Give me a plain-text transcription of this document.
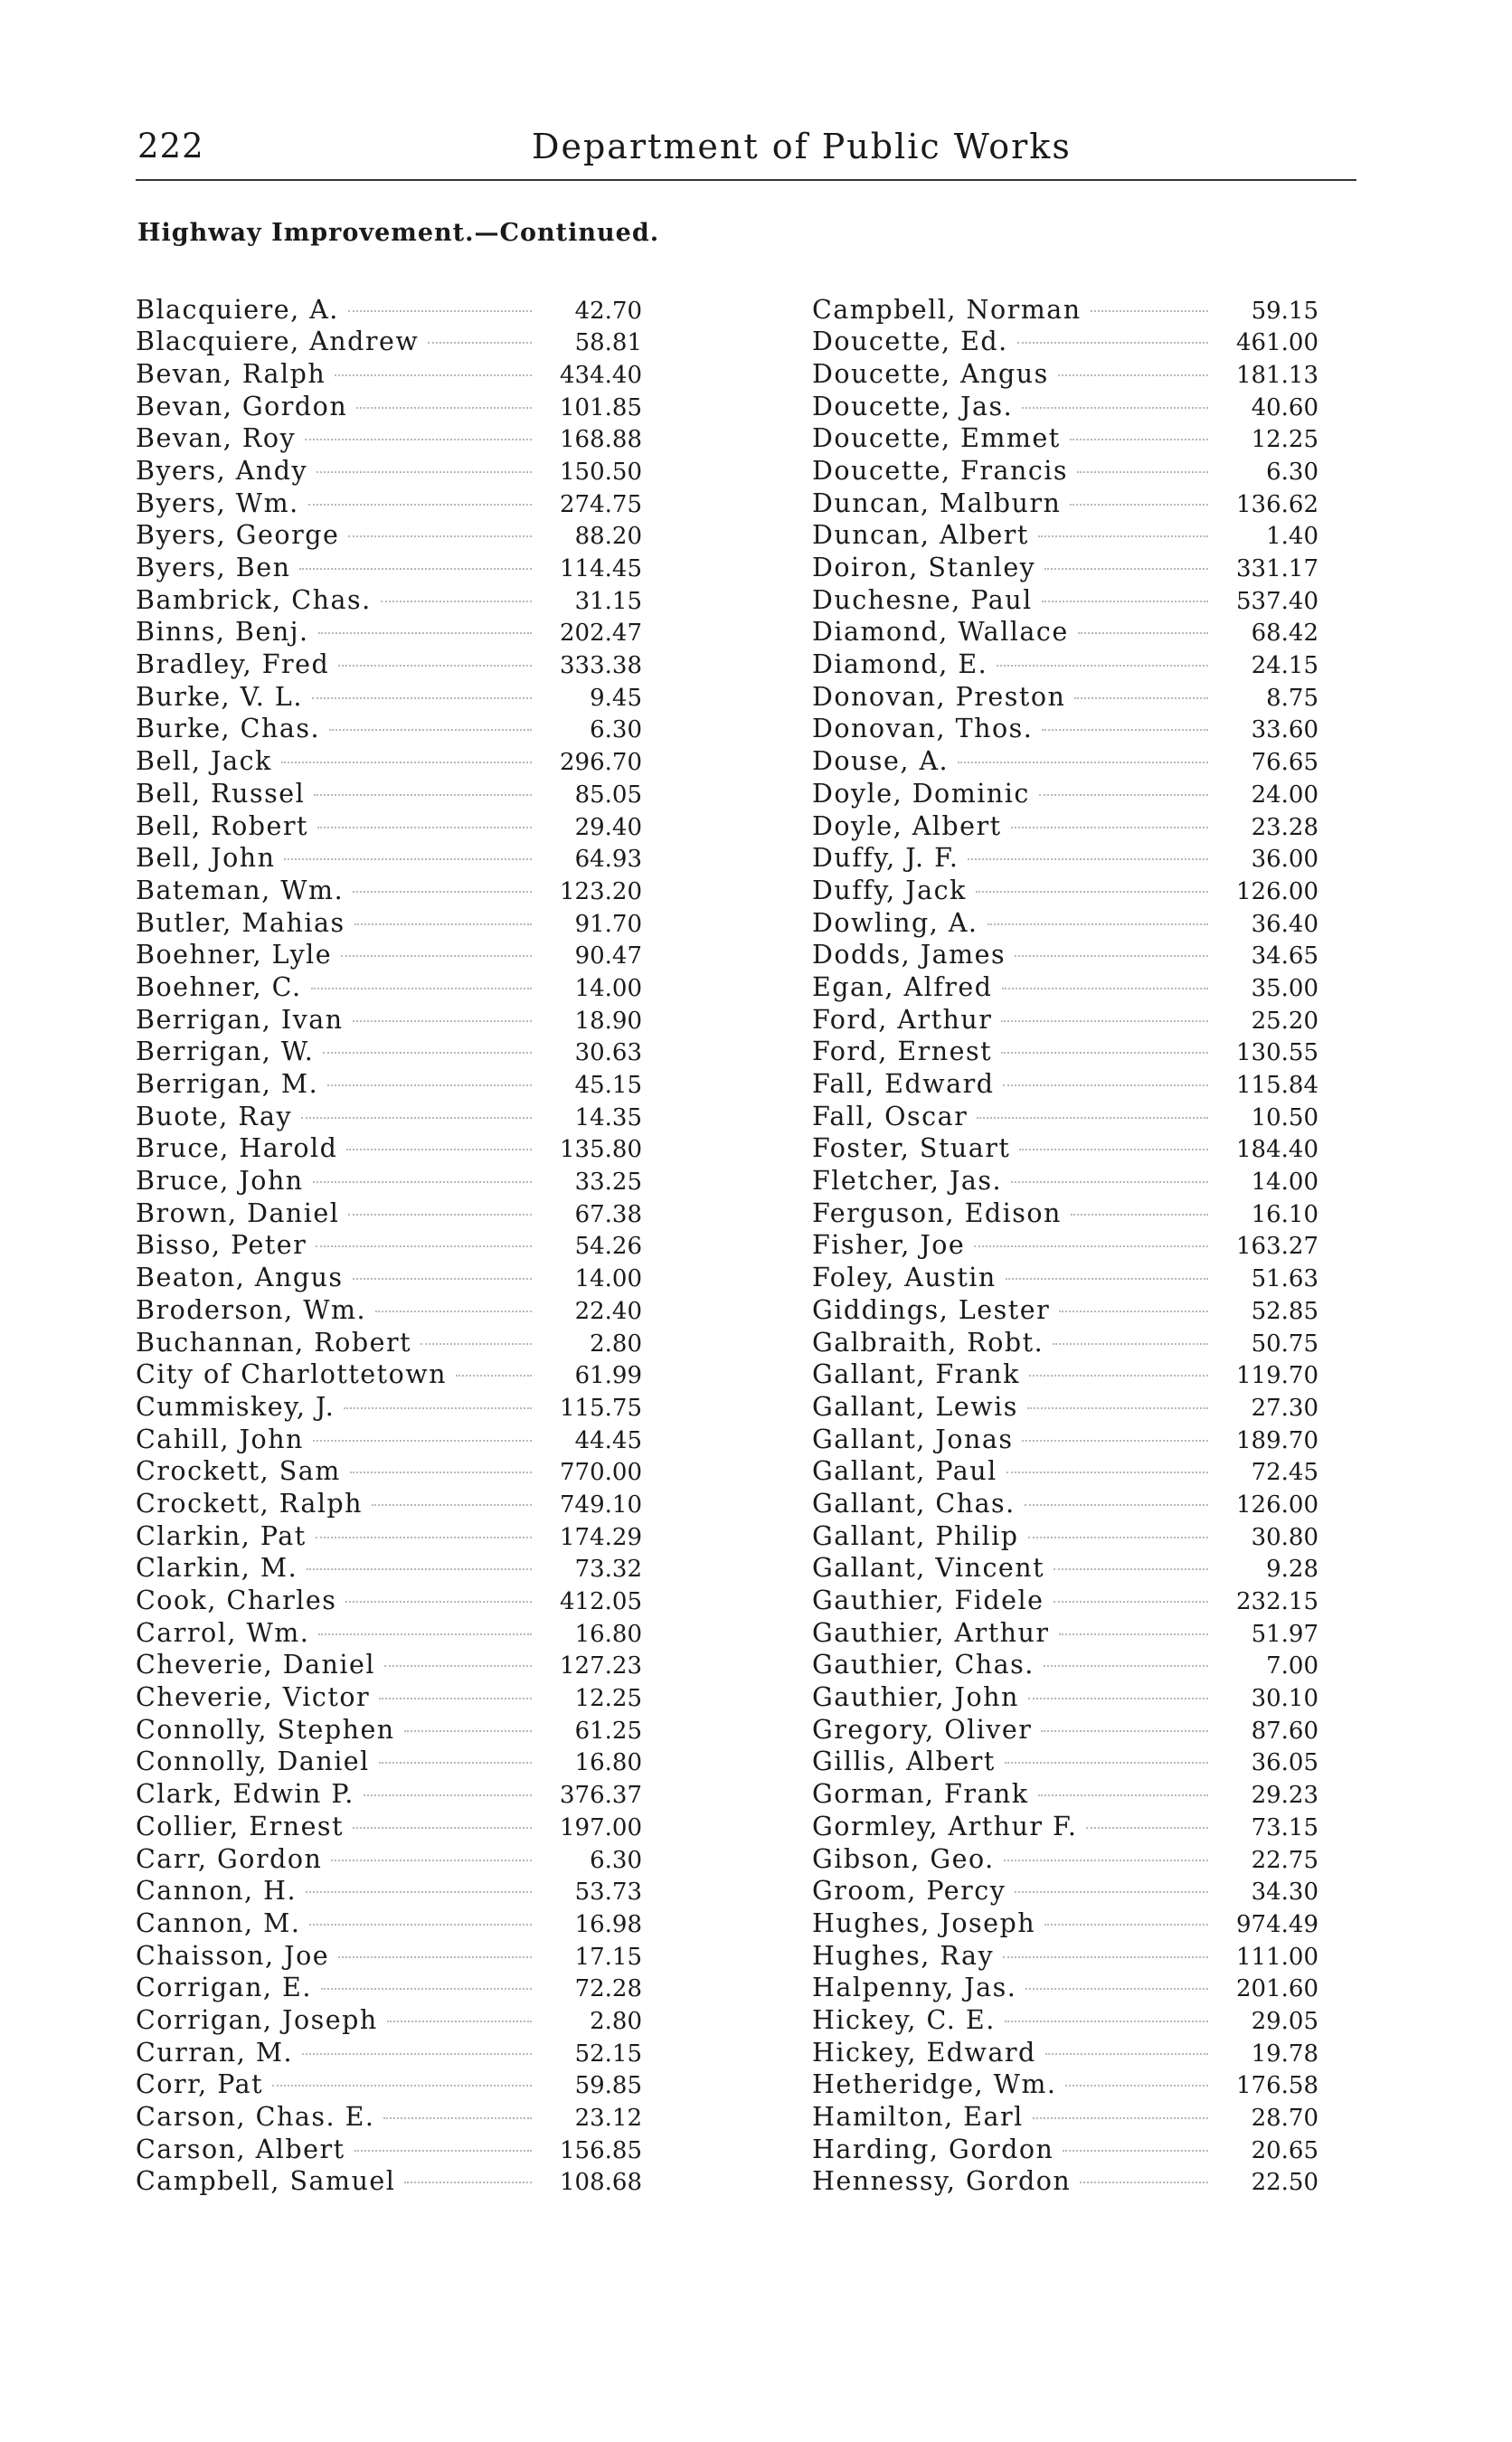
222	Department of Public Works
Highway Improvement.—Continued.
Blacquiere, A.	42.70
Blacquiere, Andrew	58.81
Bevan, Ralph	434.40
Bevan, Gordon	101.85
Bevan, Roy	168.88
Byers, Andy	150.50
Byers, Wm.	274.75
Byers, George	88.20
Byers, Ben	114.45
Bambrick, Chas.	31.15
Binns, Benj.	202.47
Bradley, Fred	333.38
Burke, V. L.	9.45
Burke, Chas.	6.30
Bell, Jack	296.70
Bell, Russel	85.05
Bell, Robert	29.40
Bell, John	64.93
Bateman, Wm.	123.20
Butler, Mahias	91.70
Boehner, Lyle	90.47
Boehner, C.	14.00
Berrigan, Ivan	18.90
Berrigan, W.	30.63
Berrigan, M.	45.15
Buote, Ray	14.35
Bruce, Harold	135.80
Bruce, John	33.25
Brown, Daniel	67.38
Bisso, Peter	54.26
Beaton, Angus	14.00
Broderson, Wm.	22.40
Buchannan, Robert	2.80
City of Charlottetown	61.99
Cummiskey, J.	115.75
Cahill, John	44.45
Crockett, Sam	770.00
Crockett, Ralph	749.10
Clarkin, Pat	174.29
Clarkin, M.	73.32
Cook, Charles	412.05
Carrol, Wm.	16.80
Cheverie, Daniel	127.23
Cheverie, Victor	12.25
Connolly, Stephen	61.25
Connolly, Daniel	16.80
Clark, Edwin P.	376.37
Collier, Ernest	197.00
Carr, Gordon	6.30
Cannon, H.	53.73
Cannon, M.	16.98
Chaisson, Joe	17.15
Corrigan, E.	72.28
Corrigan, Joseph	2.80
Curran, M.	52.15
Corr, Pat	59.85
Carson, Chas. E.	23.12
Carson, Albert	156.85
Campbell, Samuel	108.68
Campbell, Norman	59.15
Doucette, Ed.	461.00
Doucette, Angus	181.13
Doucette, Jas.	40.60
Doucette, Emmet	12.25
Doucette, Francis	6.30
Duncan, Malburn	136.62
Duncan, Albert	1.40
Doiron, Stanley	331.17
Duchesne, Paul	537.40
Diamond, Wallace	68.42
Diamond, E.	24.15
Donovan, Preston	8.75
Donovan, Thos.	33.60
Douse, A.	76.65
Doyle, Dominic	24.00
Doyle, Albert	23.28
Duffy, J. F.	36.00
Duffy, Jack	126.00
Dowling, A.	36.40
Dodds, James	34.65
Egan, Alfred	35.00
Ford, Arthur	25.20
Ford, Ernest	130.55
Fall, Edward	115.84
Fall, Oscar	10.50
Foster, Stuart	184.40
Fletcher, Jas.	14.00
Ferguson, Edison	16.10
Fisher, Joe	163.27
Foley, Austin	51.63
Giddings, Lester	52.85
Galbraith, Robt.	50.75
Gallant, Frank	119.70
Gallant, Lewis	27.30
Gallant, Jonas	189.70
Gallant, Paul	72.45
Gallant, Chas.	126.00
Gallant, Philip	30.80
Gallant, Vincent	9.28
Gauthier, Fidele	232.15
Gauthier, Arthur	51.97
Gauthier, Chas.	7.00
Gauthier, John	30.10
Gregory, Oliver	87.60
Gillis, Albert	36.05
Gorman, Frank	29.23
Gormley, Arthur F.	73.15
Gibson, Geo.	22.75
Groom, Percy	34.30
Hughes, Joseph	974.49
Hughes, Ray	111.00
Halpenny, Jas.	201.60
Hickey, C. E.	29.05
Hickey, Edward	19.78
Hetheridge, Wm.	176.58
Hamilton, Earl	28.70
Harding, Gordon	20.65
Hennessy, Gordon	22.50
